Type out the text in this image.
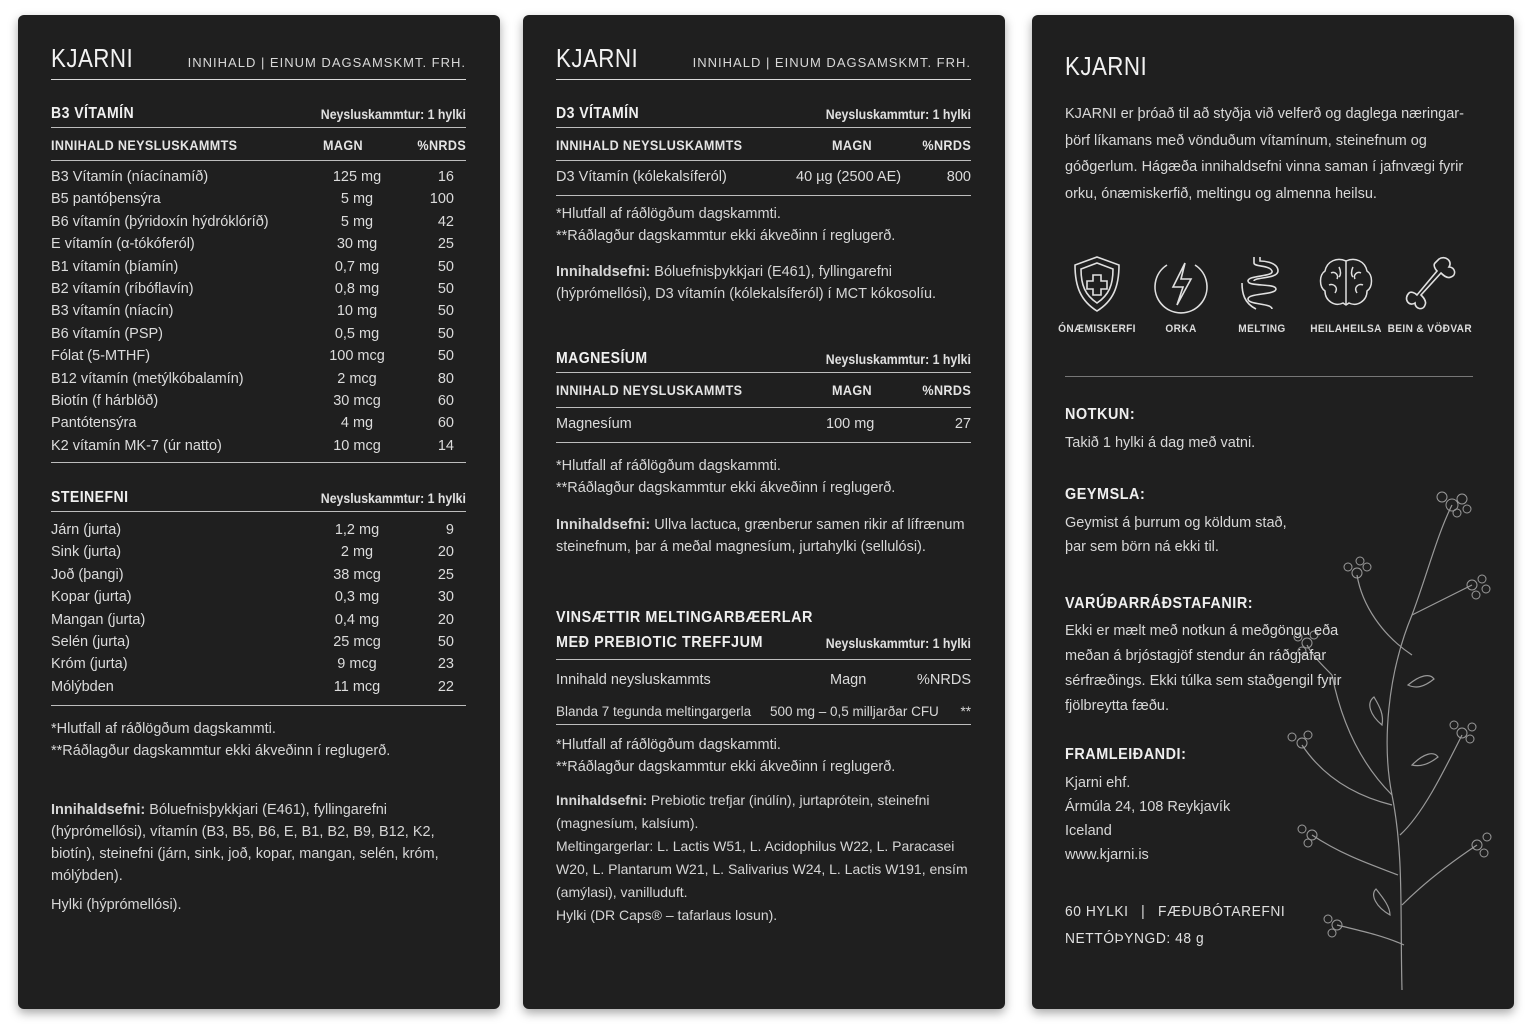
KJARNI	INNIHALD | EINUM DAGSAMSKMT. FRH.
B3 VÍTAMÍN	Neysluskammtur: 1 hylki
INNIHALD NEYSLUSKAMMTS	MAGN	%NRDS
B3 Vítamín (níacínamíð)	125 mg	16
B5 pantóþensýra	5 mg	100
B6 vítamín (þýridoxín hýdróklóríð)	5 mg	42
E vítamín (α-tókóferól)	30 mg	25
B1 vítamín (þíamín)	0,7 mg	50
B2 vítamín (ríbóflavín)	0,8 mg	50
B3 vítamín (níacín)	10 mg	50
B6 vítamín (PSP)	0,5 mg	50
Fólat (5-MTHF)	100 mcg	50
B12 vítamín (metýlkóbalamín)	2 mcg	80
Biotín (f hárblöð)	30 mcg	60
Pantótensýra	4 mg	60
K2 vítamín MK-7 (úr natto)	10 mcg	14
STEINEFNI	Neysluskammtur: 1 hylki
Járn (jurta)	1,2 mg	9
Sink (jurta)	2 mg	20
Joð (þangi)	38 mcg	25
Kopar (jurta)	0,3 mg	30
Mangan (jurta)	0,4 mg	20
Selén (jurta)	25 mcg	50
Króm (jurta)	9 mcg	23
Mólýbden	11 mcg	22
*Hlutfall af ráðlögðum dagskammti.
**Ráðlagður dagskammtur ekki ákveðinn í reglugerð.
Innihaldsefni: Bóluefnisþykkjari (E461), fyllingarefni (hýprómellósi), vítamín (B3, B5, B6, E, B1, B2, B9, B12, K2, biotín), steinefni (járn, sink, joð, kopar, mangan, selén, króm, mólýbden).
Hylki (hýprómellósi).
KJARNI	INNIHALD | EINUM DAGSAMSKMT. FRH.
D3 VÍTAMÍN	Neysluskammtur: 1 hylki
INNIHALD NEYSLUSKAMMTS	MAGN	%NRDS
D3 Vítamín (kólekalsíferól)	40 µg (2500 AE)	800
*Hlutfall af ráðlögðum dagskammti.
**Ráðlagður dagskammtur ekki ákveðinn í reglugerð.
Innihaldsefni: Bóluefnisþykkjari (E461), fyllingarefni (hýprómellósi), D3 vítamín (kólekalsíferól) í MCT kókosolíu.
MAGNESÍUM	Neysluskammtur: 1 hylki
INNIHALD NEYSLUSKAMMTS	MAGN	%NRDS
Magnesíum	100 mg	27
*Hlutfall af ráðlögðum dagskammti.
**Ráðlagður dagskammtur ekki ákveðinn í reglugerð.
Innihaldsefni: Ullva lactuca, grænberur samen rikir af lífrænum steinefnum, þar á meðal magnesíum, jurtahylki (sellulósi).
VINSÆTTIR MELTINGARBÆERLAR
MEÐ PREBIOTIC TREFFJUM	Neysluskammtur: 1 hylki
Innihald neysluskammts	Magn	%NRDS
Blanda 7 tegunda meltingargerla 500 mg – 0,5 milljarðar CFU **
*Hlutfall af ráðlögðum dagskammti.
**Ráðlagður dagskammtur ekki ákveðinn í reglugerð.
Innihaldsefni: Prebiotic trefjar (inúlín), jurtaprótein, steinefni (magnesíum, kalsíum).
Meltingargerlar: L. Lactis W51, L. Acidophilus W22, L. Paracasei W20, L. Plantarum W21, L. Salivarius W24, L. Lactis W191, ensím (amýlasi), vanilluduft.
Hylki (DR Caps® – tafarlaus losun).
KJARNI
KJARNI er þróað til að styðja við velferð og daglega næringar-þörf líkamans með vönduðum vítamínum, steinefnum og góðgerlum. Hágæða innihaldsefni vinna saman í jafnvægi fyrir orku, ónæmiskerfið, meltingu og almenna heilsu.
ÓNÆMISKERFI	ORKA	MELTING	HEILAHEILSA BEIN & VÖÐVAR
NOTKUN:
Takið 1 hylki á dag með vatni.
GEYMSLA:
Geymist á þurrum og köldum stað,
þar sem börn ná ekki til.
VARÚÐARRÁÐSTAFANIR:
Ekki er mælt með notkun á meðgöngu eða meðan á brjóstagjöf stendur án ráðgjafar sérfræðings. Ekki túlka sem staðgengil fyrir fjölbreytta fæðu.
FRAMLEIÐANDI:
Kjarni ehf.
Ármúla 24, 108 Reykjavík
Iceland
www.kjarni.is
60 HYLKI | FÆÐUBÓTAREFNI
NETTÓÞYNGD: 48 g
